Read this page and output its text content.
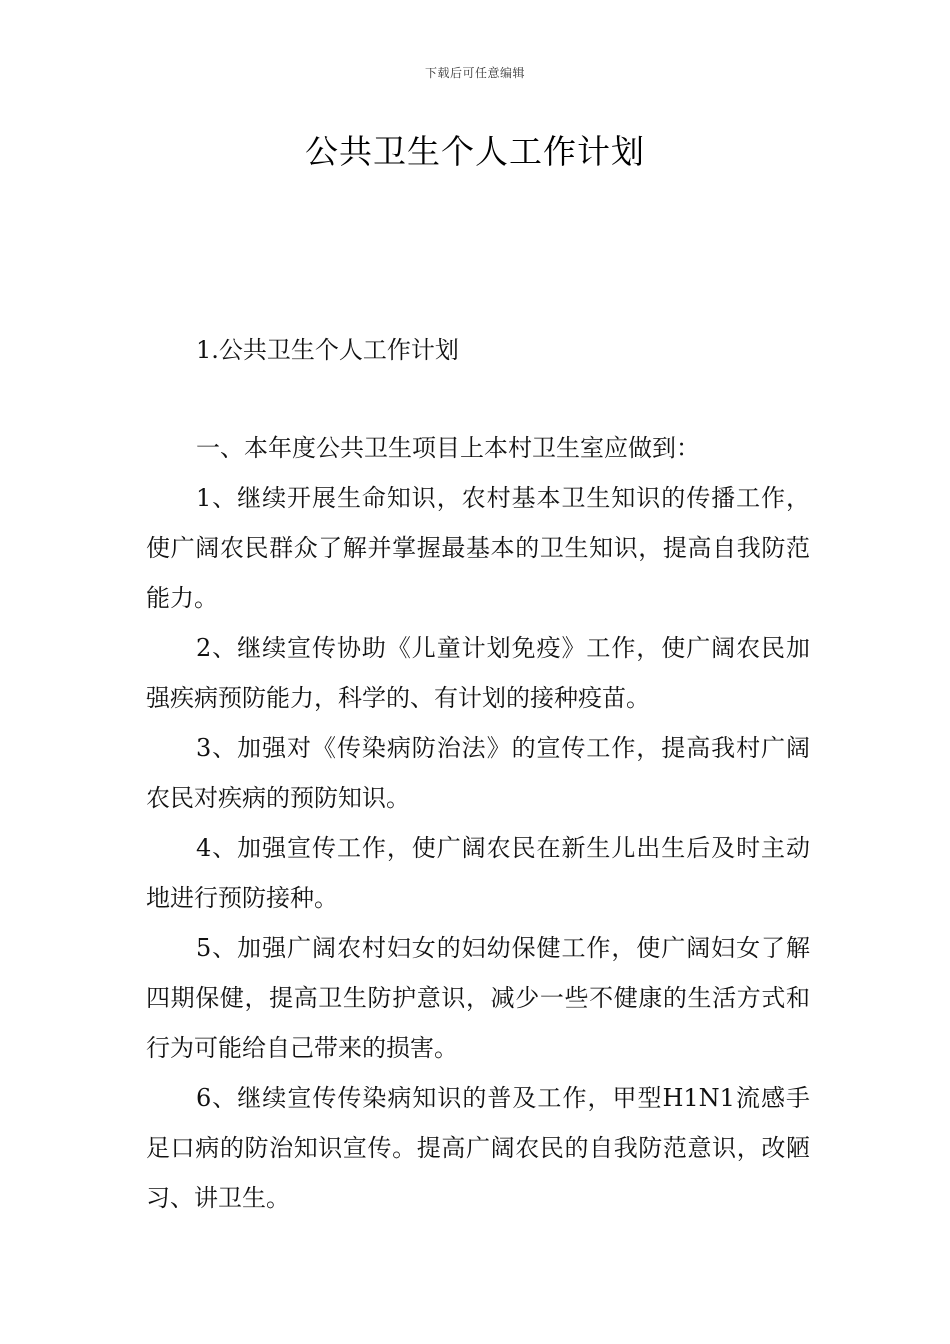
下载后可任意编辑
公共卫生个人工作计划
1.公共卫生个人工作计划

一、本年度公共卫生项目上本村卫生室应做到：

1、继续开展生命知识，农村基本卫生知识的传播工作，使广阔农民群众了解并掌握最基本的卫生知识，提高自我防范能力。

2、继续宣传协助《儿童计划免疫》工作，使广阔农民加强疾病预防能力，科学的、有计划的接种疫苗。

3、加强对《传染病防治法》的宣传工作，提高我村广阔农民对疾病的预防知识。

4、加强宣传工作，使广阔农民在新生儿出生后及时主动地进行预防接种。

5、加强广阔农村妇女的妇幼保健工作，使广阔妇女了解四期保健，提高卫生防护意识，减少一些不健康的生活方式和行为可能给自己带来的损害。

6、继续宣传传染病知识的普及工作，甲型H1N1流感手足口病的防治知识宣传。提高广阔农民的自我防范意识，改陋习、讲卫生。
